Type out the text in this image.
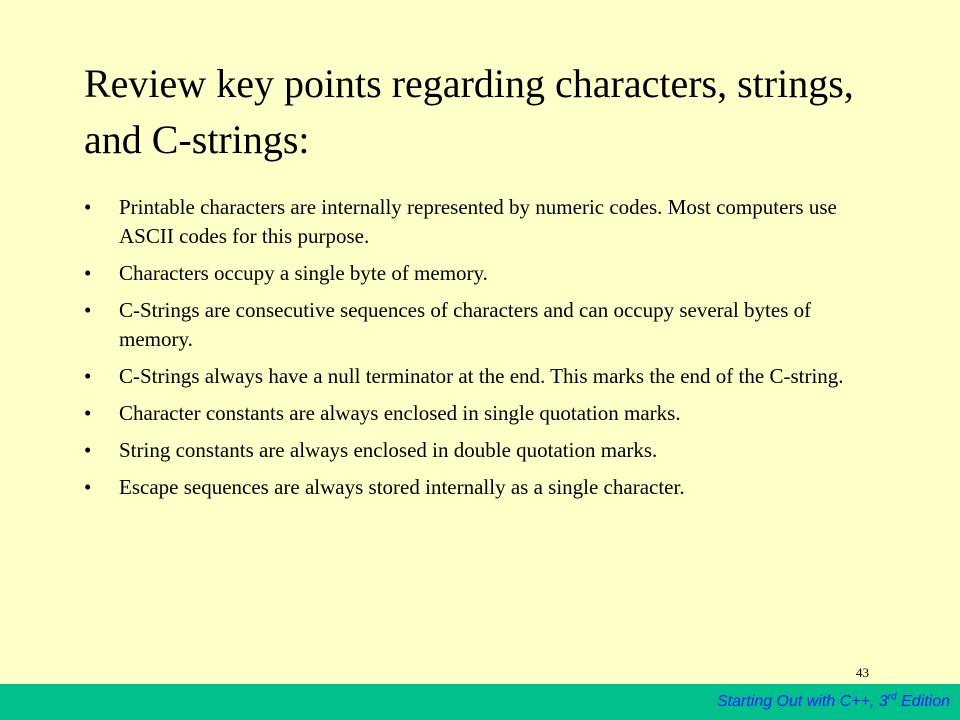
Review key points regarding characters, strings, and C-strings:
•	Printable characters are internally represented by numeric codes. Most computers use ASCII codes for this purpose.
•	Characters occupy a single byte of memory.
•	C-Strings are consecutive sequences of characters and can occupy several bytes of memory.
•	C-Strings always have a null terminator at the end. This marks the end of the C-string.
•	Character constants are always enclosed in single quotation marks.
•	String constants are always enclosed in double quotation marks.
•	Escape sequences are always stored internally as a single character.
43
Starting Out with C++, 3rd Edition
